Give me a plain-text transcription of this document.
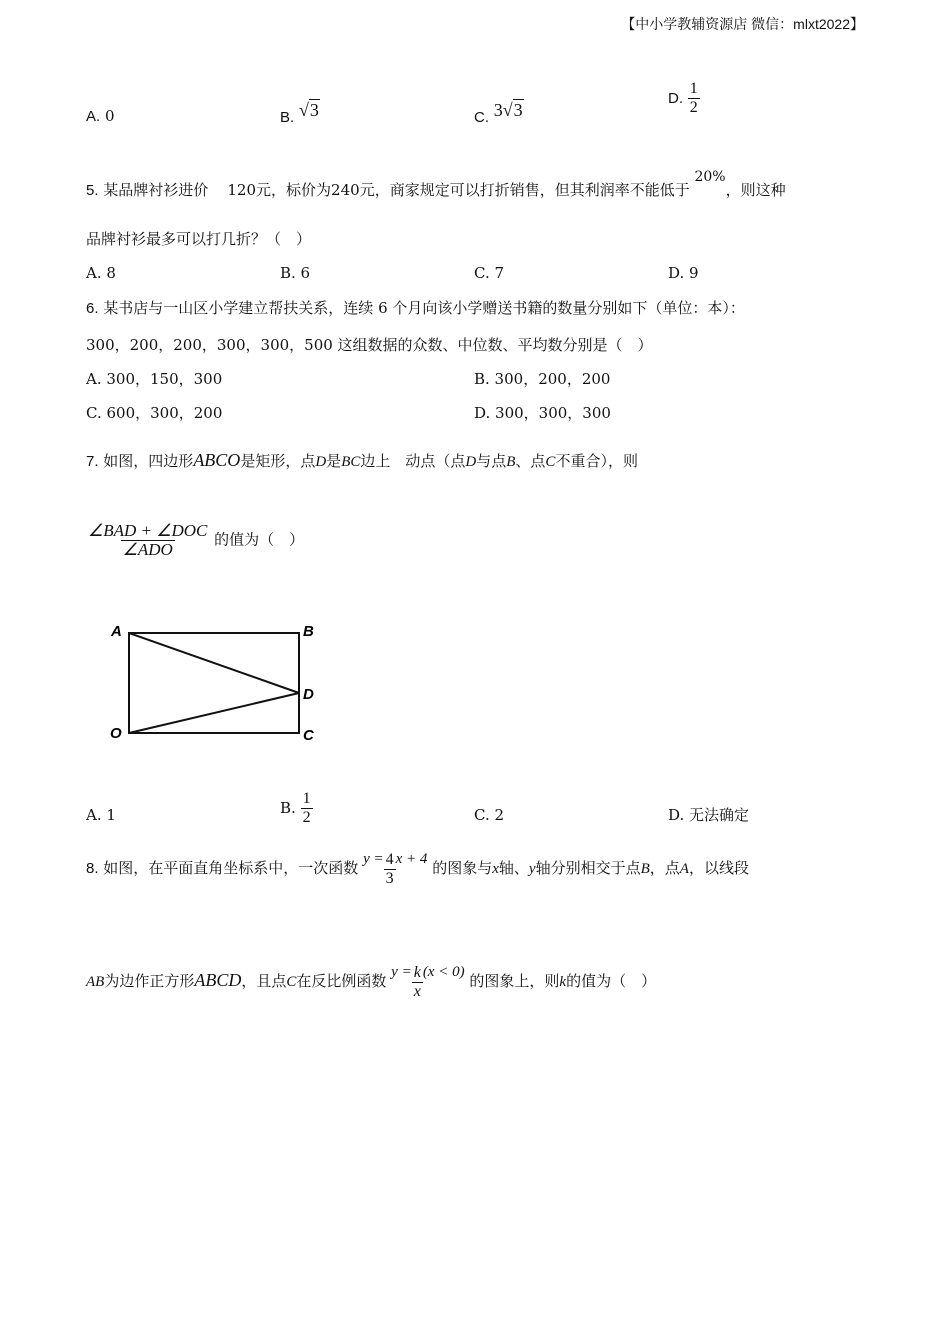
【中小学教辅资源店 微信：mlxt2022】
A. 0	B. √3	C. 3√3
D. $\frac{1}{2}$
5. 某品牌衬衫进价 120元，标价为240元，商家规定可以打折销售，但其利润率不能低于 20%，则这种
品牌衬衫最多可以打几折？（　）
A. 8	B. 6	C. 7	D. 9
6. 某书店与一山区小学建立帮扶关系，连续 6 个月向该小学赠送书籍的数量分别如下（单位：本）：
300，200，200，300，300，500 这组数据的众数、中位数、平均数分别是（　）
A. 300，150，300	B. 300，200，200
C. 600，300，200	D. 300，300，300
7. 如图，四边形ABCO是矩形，点D是BC边上　动点（点D与点B、点C不重合），则
$\frac{\text{∠BAD + ∠DOC}}{\text{∠ADO}}$ 的值为（　）
A	B
D
O	C
A. 1	B. $\frac{1}{2}$	C. 2	D. 无法确定
8. 如图，在平面直角坐标系中，一次函数 $y = \frac{4}{3}$ x + 4 的图象与x轴、y轴分别相交于点B，点A，以线段
AB为边作正方形ABCD，且点C在反比例函数 $y = \frac{k}{x} (x < 0)$ 的图象上，则k的值为（　）
